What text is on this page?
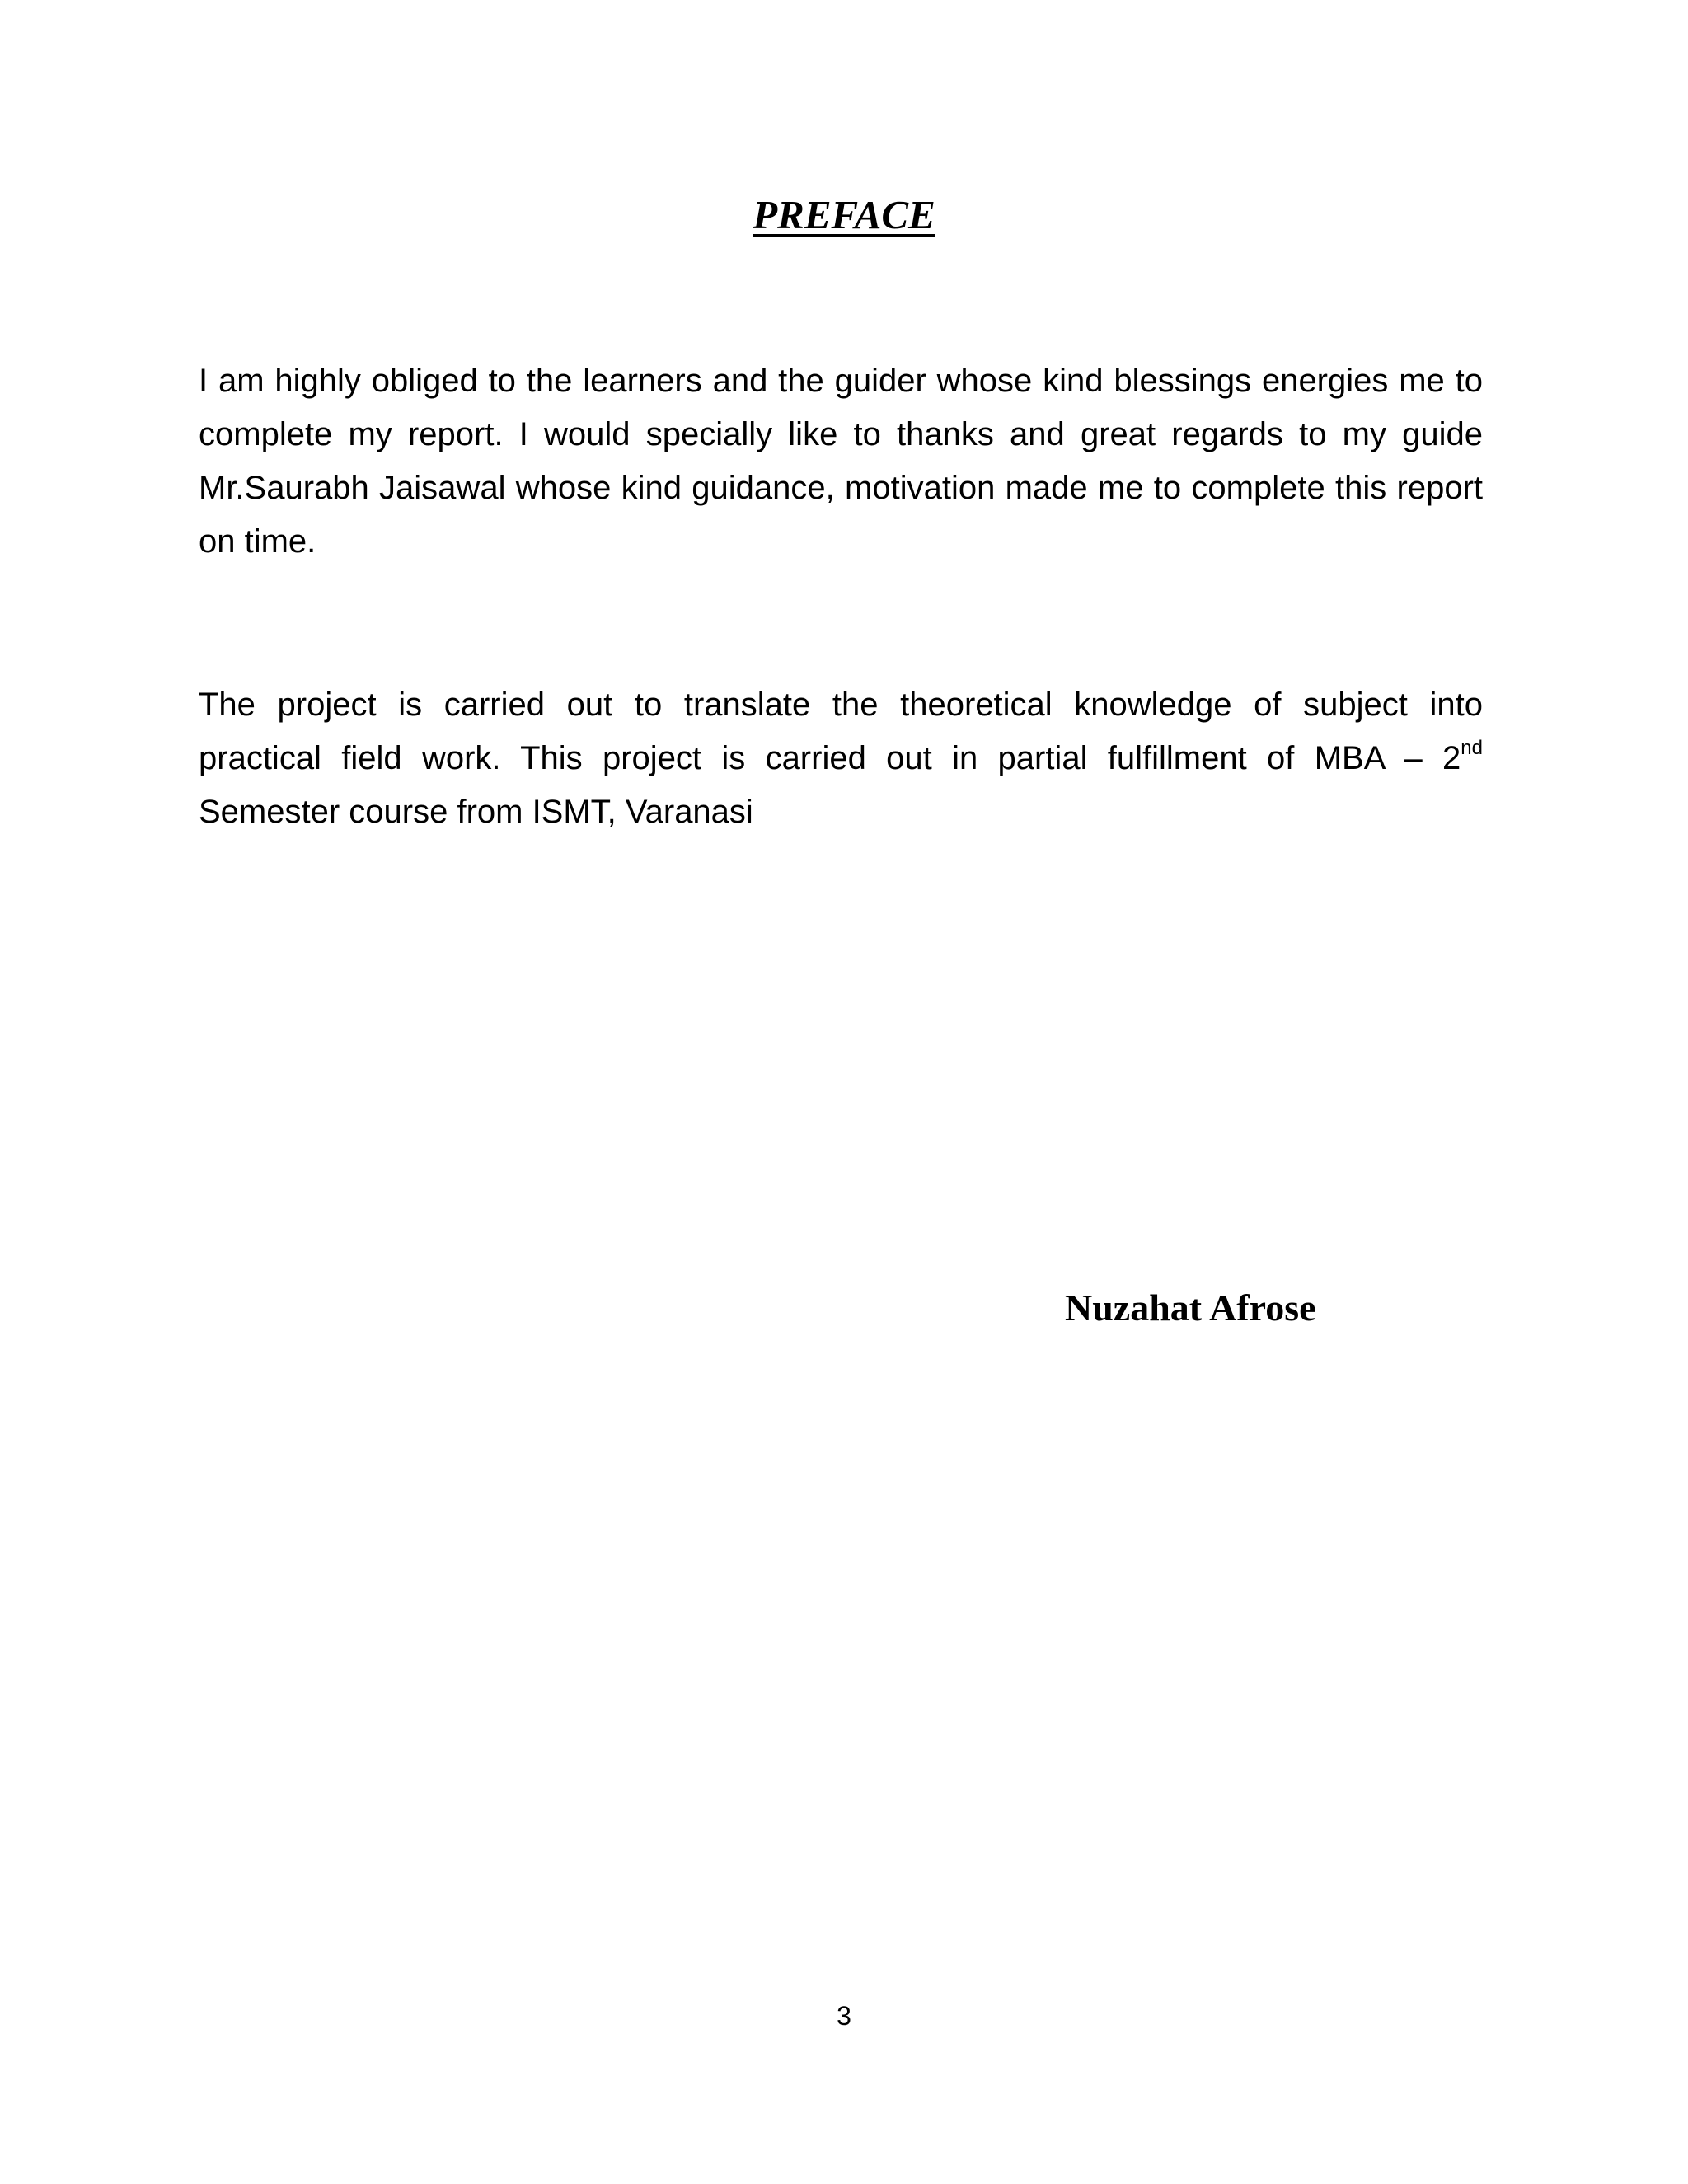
PREFACE

I am highly obliged to the learners and the guider whose kind blessings energies me to complete my report. I would specially like to thanks and great regards to my guide Mr.Saurabh Jaisawal whose kind guidance, motivation made me to complete this report on time.

The project is carried out to translate the theoretical knowledge of subject into
practical field work. This project is carried out in partial fulfillment of MBA – 2nd
Semester course from ISMT, Varanasi

Nuzahat Afrose

3
